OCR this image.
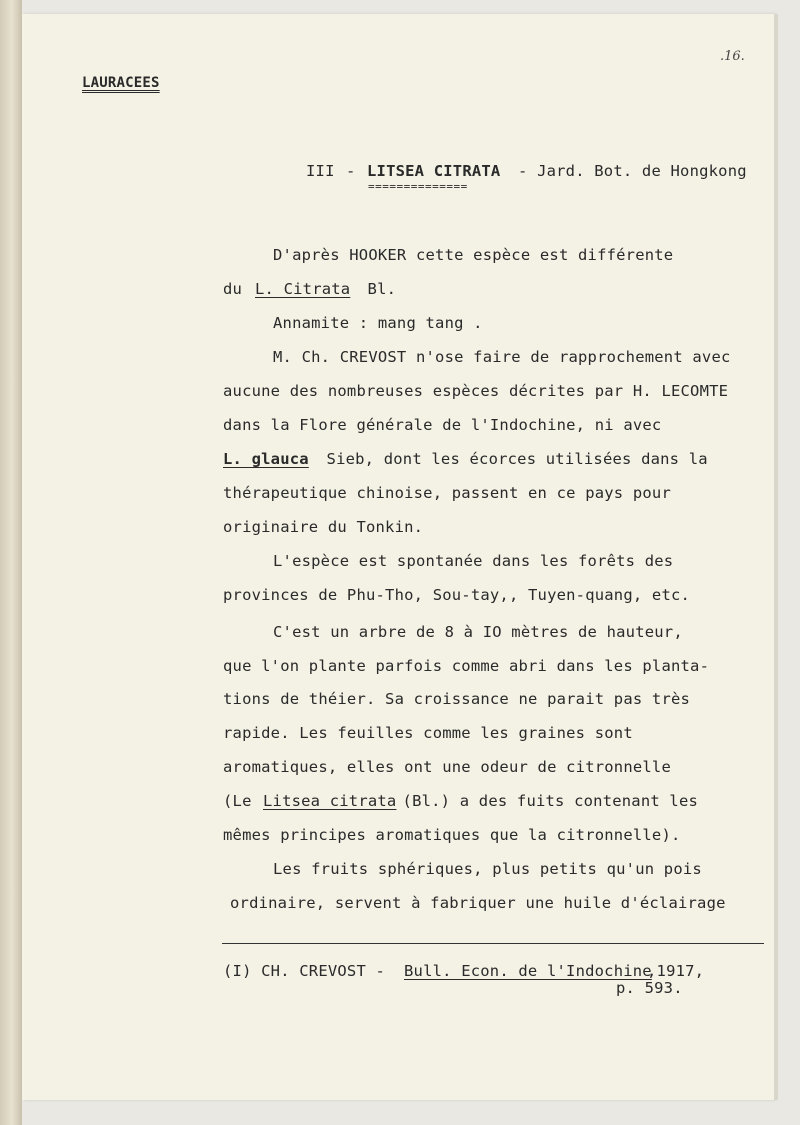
LAURACEES
.16.
III - LITSEA CITRATA - Jard. Bot. de Hongkong
==============
D'après HOOKER cette espèce est différente
du L. Citrata Bl.
Annamite : mang tang .
M. Ch. CREVOST n'ose faire de rapprochement avec
aucune des nombreuses espèces décrites par H. LECOMTE
dans la Flore générale de l'Indochine, ni avec
L. glauca Sieb, dont les écorces utilisées dans la
thérapeutique chinoise, passent en ce pays pour
originaire du Tonkin.
L'espèce est spontanée dans les forêts des
provinces de Phu-Tho, Sou-tay,, Tuyen-quang, etc.
C'est un arbre de 8 à IO mètres de hauteur,
que l'on plante parfois comme abri dans les planta-
tions de théier. Sa croissance ne parait pas très
rapide. Les feuilles comme les graines sont
aromatiques, elles ont une odeur de citronnelle
(Le Litsea citrata
(Bl.) a des fuits contenant les
mêmes principes aromatiques que la citronnelle).
Les fruits sphériques, plus petits qu'un pois
ordinaire, servent à fabriquer une huile d'éclairage
(I) CH. CREVOST - Bull. Econ. de l'Indochine
,1917,
p. 593.
